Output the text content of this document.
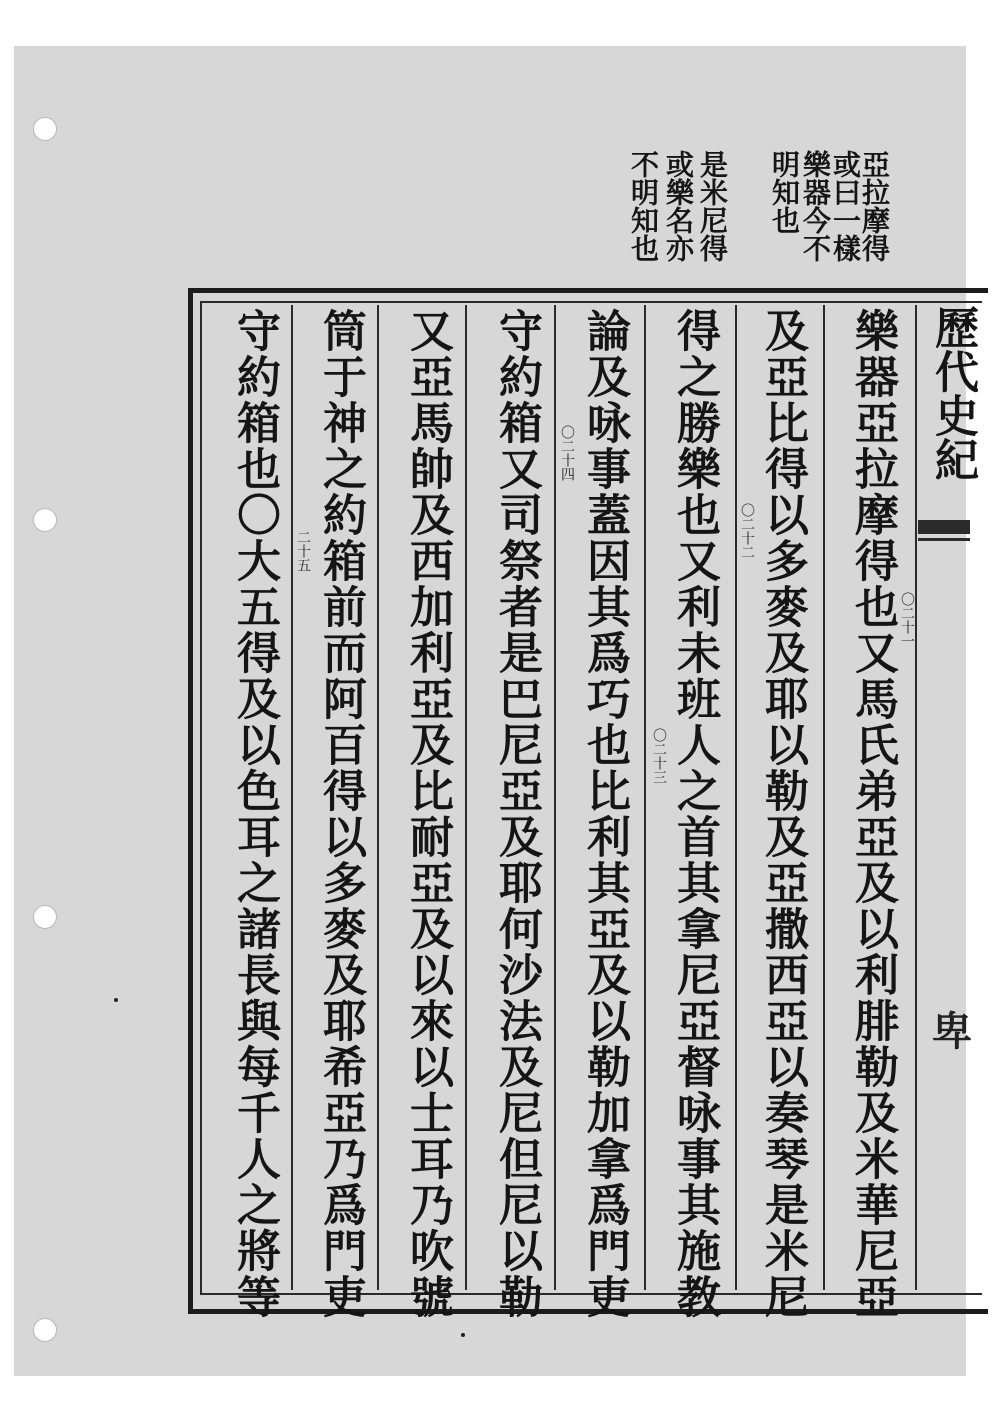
亞拉摩得
或曰一樣
樂器今不
明知也
是米尼得
或樂名亦
不明知也
歷代史紀
卑
樂器亞拉摩得也又馬氏弟亞及以利腓勒及米華尼亞
及亞比得以多麥及耶以勒及亞撒西亞以奏琴是米尼
得之勝樂也又利未班人之首其拿尼亞督咏事其施教
論及咏事蓋因其爲巧也比利其亞及以勒加拿爲門吏
守約箱又司祭者是巴尼亞及耶何沙法及尼但尼以勒
又亞馬帥及西加利亞及比耐亞及以來以士耳乃吹號
筒于神之約箱前而阿百得以多麥及耶希亞乃爲門吏
守約箱也〇大五得及以色耳之諸長與每千人之將等	〇二十一
〇二十二
〇二十三
〇二十四
二十五
